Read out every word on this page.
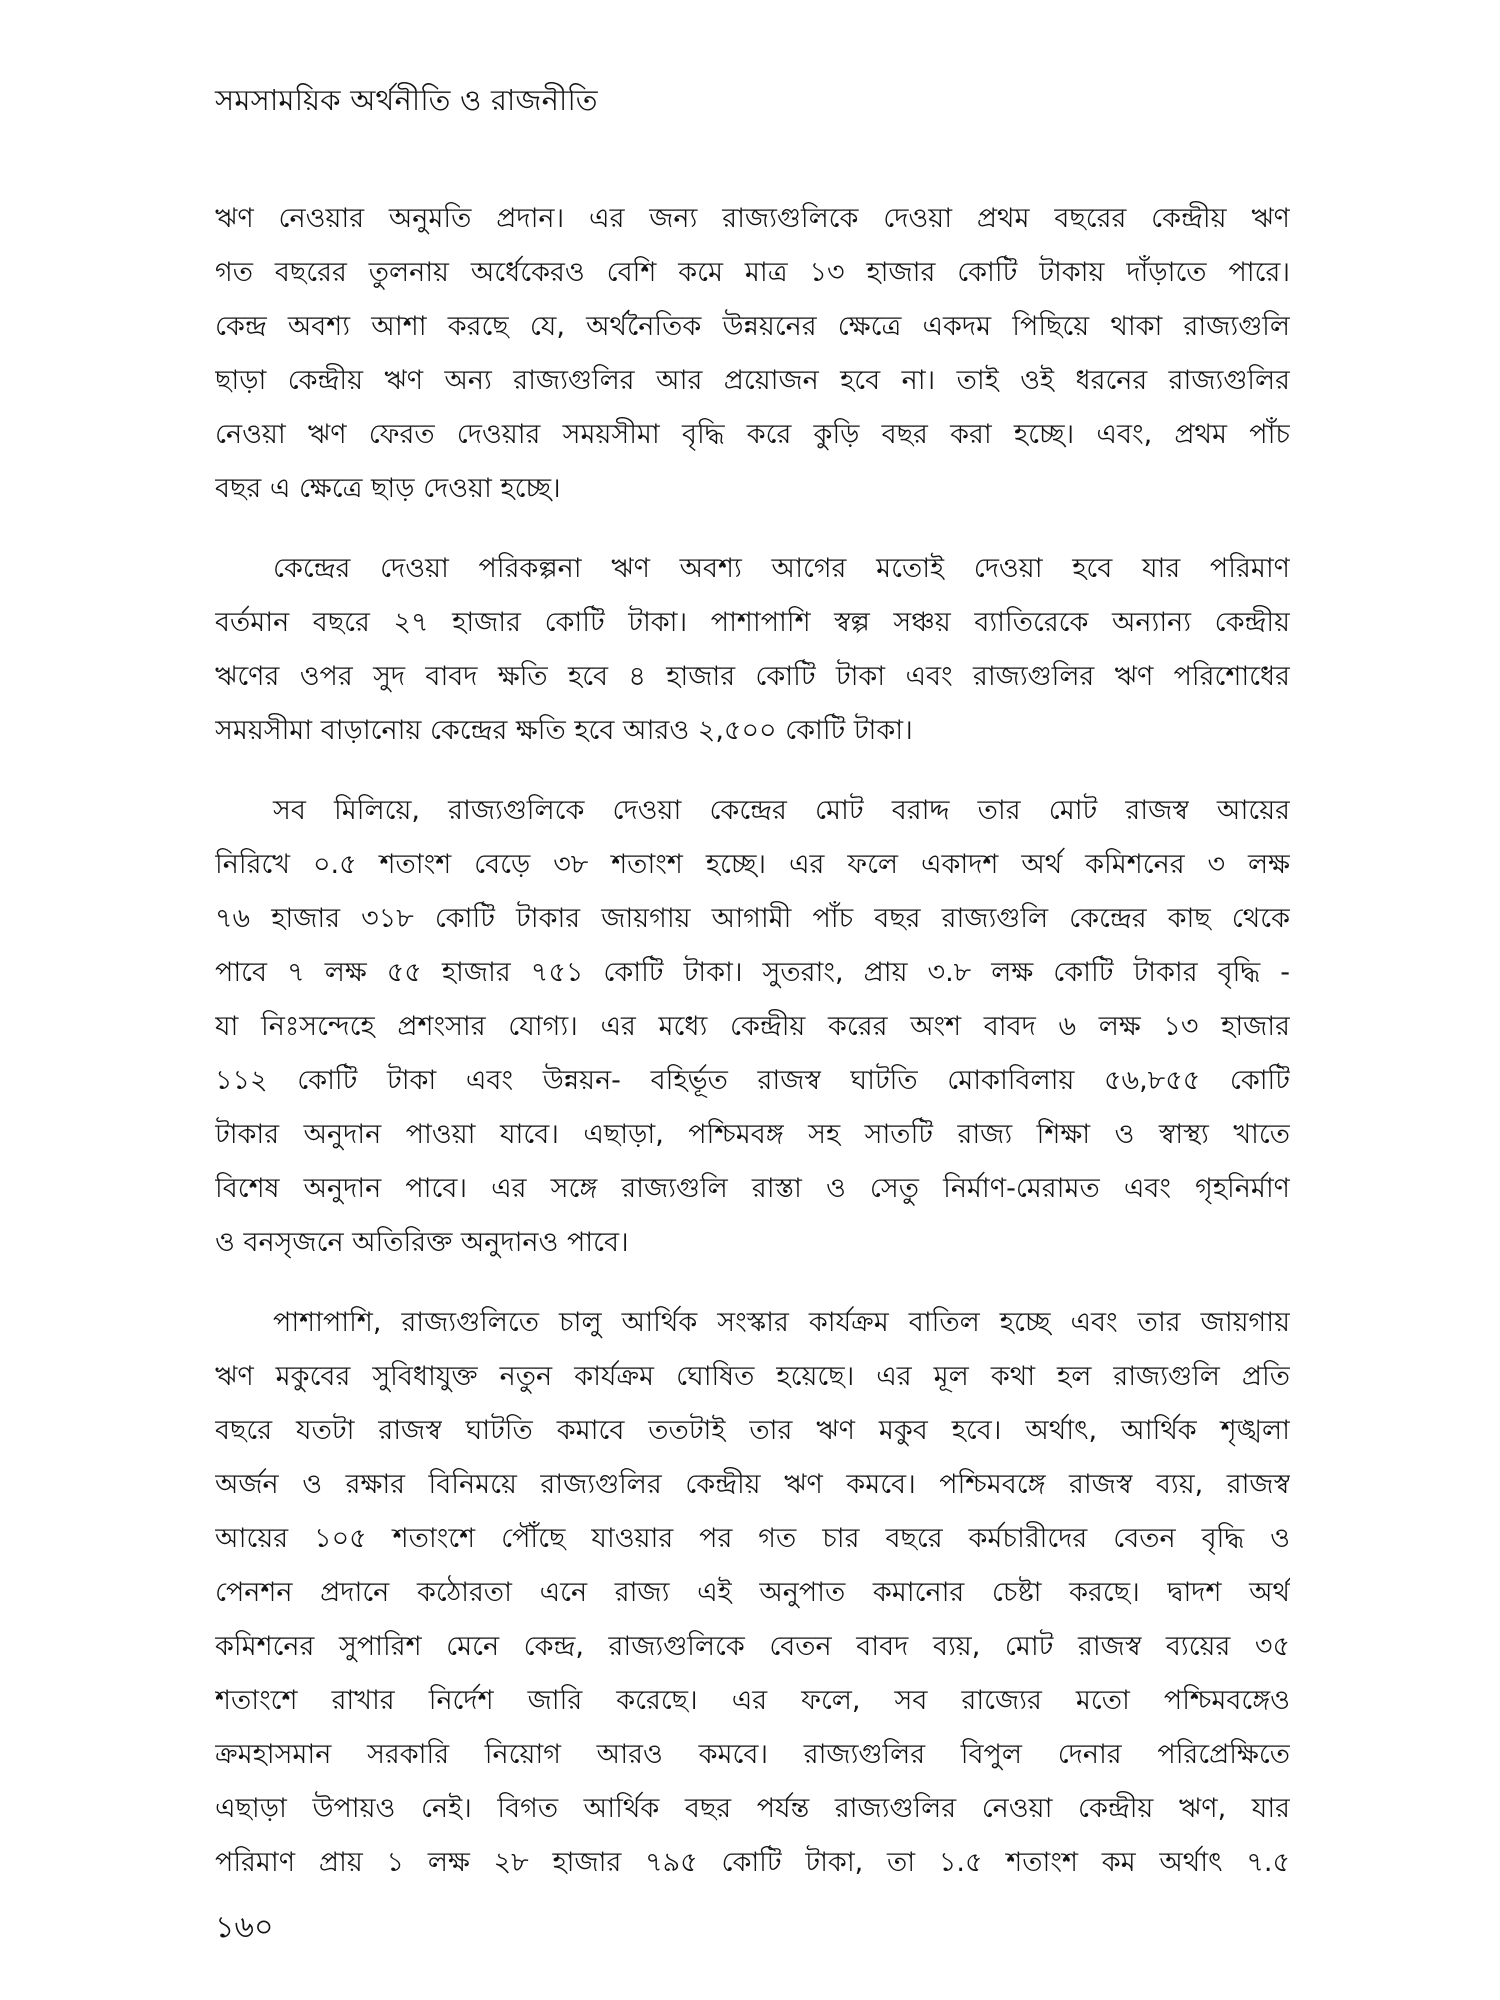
সমসাময়িক অর্থনীতি ও রাজনীতি
ঋণ নেওয়ার অনুমতি প্রদান। এর জন্য রাজ্যগুলিকে দেওয়া প্রথম বছরের কেন্দ্রীয় ঋণ
গত বছরের তুলনায় অর্ধেকেরও বেশি কমে মাত্র ১৩ হাজার কোটি টাকায় দাঁড়াতে পারে।
কেন্দ্র অবশ্য আশা করছে যে, অর্থনৈতিক উন্নয়নের ক্ষেত্রে একদম পিছিয়ে থাকা রাজ্যগুলি
ছাড়া কেন্দ্রীয় ঋণ অন্য রাজ্যগুলির আর প্রয়োজন হবে না। তাই ওই ধরনের রাজ্যগুলির
নেওয়া ঋণ ফেরত দেওয়ার সময়সীমা বৃদ্ধি করে কুড়ি বছর করা হচ্ছে। এবং, প্রথম পাঁচ
বছর এ ক্ষেত্রে ছাড় দেওয়া হচ্ছে।
কেন্দ্রের দেওয়া পরিকল্পনা ঋণ অবশ্য আগের মতোই দেওয়া হবে যার পরিমাণ
বর্তমান বছরে ২৭ হাজার কোটি টাকা। পাশাপাশি স্বল্প সঞ্চয় ব্যাতিরেকে অন্যান্য কেন্দ্রীয়
ঋণের ওপর সুদ বাবদ ক্ষতি হবে ৪ হাজার কোটি টাকা এবং রাজ্যগুলির ঋণ পরিশোধের
সময়সীমা বাড়ানোয় কেন্দ্রের ক্ষতি হবে আরও ২,৫০০ কোটি টাকা।
সব মিলিয়ে, রাজ্যগুলিকে দেওয়া কেন্দ্রের মোট বরাদ্দ তার মোট রাজস্ব আয়ের
নিরিখে ০.৫ শতাংশ বেড়ে ৩৮ শতাংশ হচ্ছে। এর ফলে একাদশ অর্থ কমিশনের ৩ লক্ষ
৭৬ হাজার ৩১৮ কোটি টাকার জায়গায় আগামী পাঁচ বছর রাজ্যগুলি কেন্দ্রের কাছ থেকে
পাবে ৭ লক্ষ ৫৫ হাজার ৭৫১ কোটি টাকা। সুতরাং, প্রায় ৩.৮ লক্ষ কোটি টাকার বৃদ্ধি -
যা নিঃসন্দেহে প্রশংসার যোগ্য। এর মধ্যে কেন্দ্রীয় করের অংশ বাবদ ৬ লক্ষ ১৩ হাজার
১১২ কোটি টাকা এবং উন্নয়ন- বহির্ভূত রাজস্ব ঘাটতি মোকাবিলায় ৫৬,৮৫৫ কোটি
টাকার অনুদান পাওয়া যাবে। এছাড়া, পশ্চিমবঙ্গ সহ সাতটি রাজ্য শিক্ষা ও স্বাস্থ্য খাতে
বিশেষ অনুদান পাবে। এর সঙ্গে রাজ্যগুলি রাস্তা ও সেতু নির্মাণ-মেরামত এবং গৃহনির্মাণ
ও বনসৃজনে অতিরিক্ত অনুদানও পাবে।
পাশাপাশি, রাজ্যগুলিতে চালু আর্থিক সংস্কার কার্যক্রম বাতিল হচ্ছে এবং তার জায়গায়
ঋণ মকুবের সুবিধাযুক্ত নতুন কার্যক্রম ঘোষিত হয়েছে। এর মূল কথা হল রাজ্যগুলি প্রতি
বছরে যতটা রাজস্ব ঘাটতি কমাবে ততটাই তার ঋণ মকুব হবে। অর্থাৎ, আর্থিক শৃঙ্খলা
অর্জন ও রক্ষার বিনিময়ে রাজ্যগুলির কেন্দ্রীয় ঋণ কমবে। পশ্চিমবঙ্গে রাজস্ব ব্যয়, রাজস্ব
আয়ের ১০৫ শতাংশে পৌঁছে যাওয়ার পর গত চার বছরে কর্মচারীদের বেতন বৃদ্ধি ও
পেনশন প্রদানে কঠোরতা এনে রাজ্য এই অনুপাত কমানোর চেষ্টা করছে। দ্বাদশ অর্থ
কমিশনের সুপারিশ মেনে কেন্দ্র, রাজ্যগুলিকে বেতন বাবদ ব্যয়, মোট রাজস্ব ব্যয়ের ৩৫
শতাংশে রাখার নির্দেশ জারি করেছে। এর ফলে, সব রাজ্যের মতো পশ্চিমবঙ্গেও
ক্রমহাসমান সরকারি নিয়োগ আরও কমবে। রাজ্যগুলির বিপুল দেনার পরিপ্রেক্ষিতে
এছাড়া উপায়ও নেই। বিগত আর্থিক বছর পর্যন্ত রাজ্যগুলির নেওয়া কেন্দ্রীয় ঋণ, যার
পরিমাণ প্রায় ১ লক্ষ ২৮ হাজার ৭৯৫ কোটি টাকা, তা ১.৫ শতাংশ কম অর্থাৎ ৭.৫
১৬০
